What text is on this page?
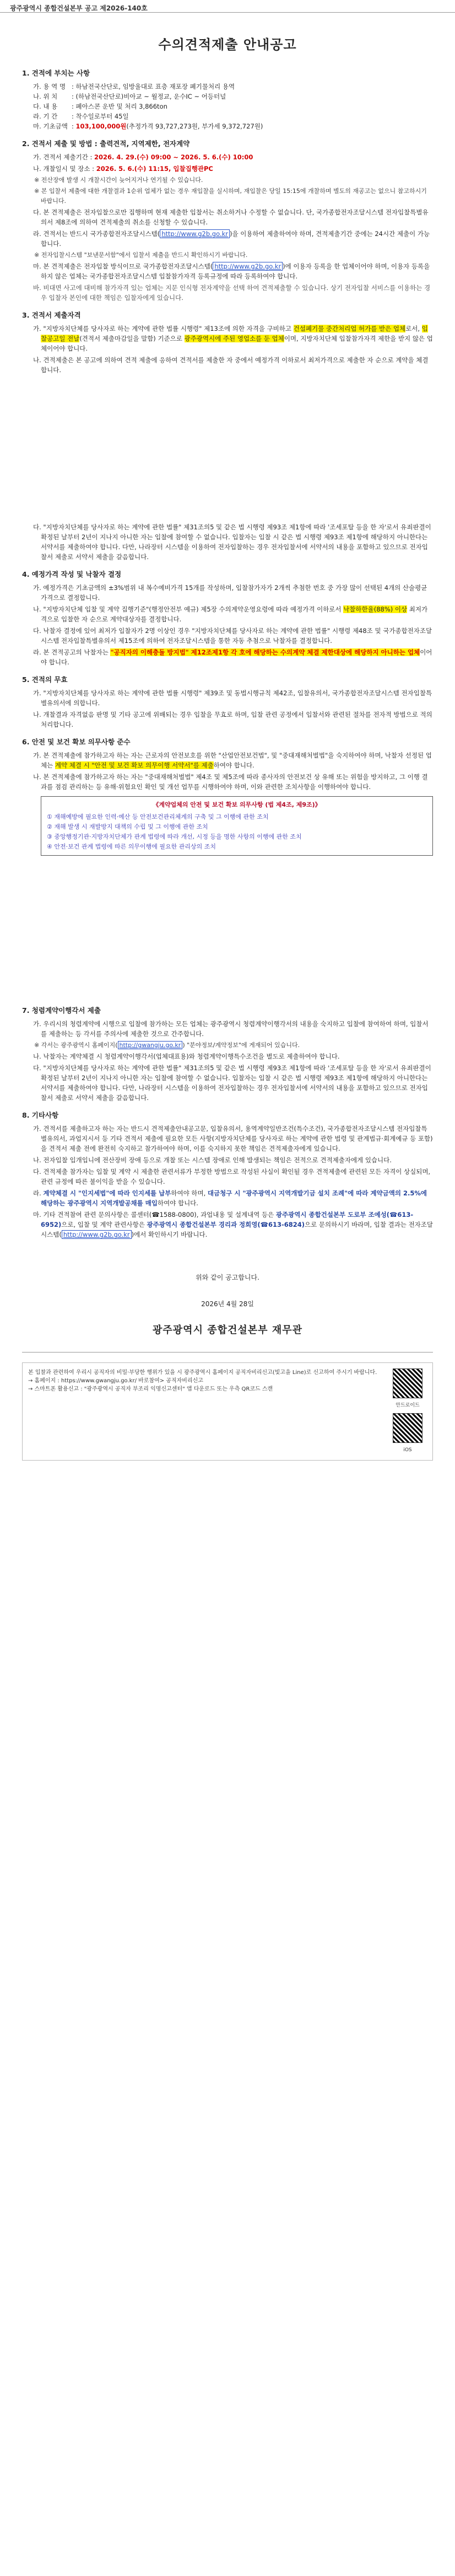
광주광역시 종합건설본부 공고 제2026-140호
수의견적제출 안내공고
1. 견적에 부치는 사항
가. 용 역 명 : 하남전국산단로, 임방울대로 표층 재포장 폐기물처리 용역
나. 위 치	: (하남전국산단로)비아교 ~ 월정교, 운수IC ~ 어등터널
다. 내 용	: 폐아스콘 운반 및 처리 3,866ton
라. 기 간	: 착수일로부터 45일
마. 기초금액 : 103,100,000원(추정가격 93,727,273원, 부가세 9,372,727원)
2. 견적서 제출 및 방법 : 출력견적, 지역제한, 전자계약
가. 견적서 제출기간 : 2026. 4. 29.(수) 09:00 ~ 2026. 5. 6.(수) 10:00
나. 개찰일시 및 장소 : 2026. 5. 6.(수) 11:15, 입찰집행관PC
※ 전산장애 발생 시 개찰시간이 늦어지거나 연기될 수 있습니다.
※ 본 입찰서 제출에 대한 개찰결과 1순위 업체가 없는 경우 재입찰을 실시하며, 재입찰은 당일 15:15에 개찰하며 별도의 재공고는 없으니 참고하시기 바랍니다.
다. 본 견적제출은 전자입찰으로만 집행하며 현재 제출한 입찰서는 취소하거나 수정할 수 없습니다. 단, 국가종합전자조달시스템 전자입찰특별유의서 제8조에 의하여 견적제출의 취소를 신청할 수 있습니다.
라. 견적서는 반드시 국가종합전자조달시스템( http://www.g2b.go.kr )을 이용하여 제출하여야 하며, 견적제출기간 중에는 24시간 제출이 가능합니다.
※ 전자입찰시스템 "보낸문서함"에서 입찰서 제출을 반드시 확인하시기 바랍니다.
마. 본 견적제출은 전자입찰 방식이므로 국가종합전자조달시스템( http://www.g2b.go.kr )에 이용자 등록을 한 업체이어야 하며, 이용자 등록을 하지 않은 업체는 국가종합전자조달시스템 입찰참가자격 등록규정에 따라 등록하여야 합니다.
바. 비대면 사고에 대비해 참가자격 있는 업체는 지문 인식형 전자계약을 선택 하여 견적제출할 수 있습니다. 상기 전자입찰 서비스를 이용하는 경우 입찰자 본인에 대한 책임은 입찰자에게 있습니다.
3. 견적서 제출자격
가. "지방자치단체를 당사자로 하는 계약에 관한 법률 시행령" 제13조에 의한 자격을 구비하고 건설폐기물 중간처리업 허가를 받은 업체로서, 입찰공고일 전날(견적서 제출마감일을 말함) 기준으로 광주광역시에 주된 영업소를 둔 업체이며, 지방자치단체 입찰참가자격 제한을 받지 않은 업체이어야 합니다.
나. 견적제출은 본 공고에 의하여 견적 제출에 응하여 견적서를 제출한 자 중에서 예정가격 이하로서 최저가격으로 제출한 자 순으로 계약을 체결합니다.
다. "지방자치단체를 당사자로 하는 계약에 관한 법률" 제31조의5 및 같은 법 시행령 제93조 제1항에 따라 '조세포탈 등을 한 자'로서 유죄판결이 확정된 날부터 2년이 지나지 아니한 자는 입찰에 참여할 수 없습니다. 입찰자는 입찰 시 같은 법 시행령 제93조 제1항에 해당하지 아니한다는 서약서를 제출하여야 합니다. 다만, 나라장터 시스템을 이용하여 전자입찰하는 경우 전자입찰서에 서약서의 내용을 포함하고 있으므로 전자입찰서 제출로 서약서 제출을 갈음합니다.
4. 예정가격 작성 및 낙찰자 결정
가. 예정가격은 기초금액의 ±3%범위 내 복수예비가격 15개를 작성하며, 입찰참가자가 2개씩 추첨한 번호 중 가장 많이 선택된 4개의 산술평균 가격으로 결정합니다.
나. "지방자치단체 입찰 및 계약 집행기준"(행정안전부 예규) 제5장 수의계약운영요령에 따라 예정가격 이하로서 낙찰하한율(88%) 이상 최저가격으로 입찰한 자 순으로 계약대상자를 결정합니다.
다. 낙찰자 결정에 있어 최저가 입찰자가 2명 이상인 경우 "지방자치단체를 당사자로 하는 계약에 관한 법률" 시행령 제48조 및 국가종합전자조달시스템 전자입찰특별유의서 제15조에 의하여 전자조달시스템을 통한 자동 추첨으로 낙찰자를 결정합니다.
라. 본 견적공고의 낙찰자는 "공직자의 이해충돌 방지법" 제12조제1항 각 호에 해당하는 수의계약 체결 제한대상에 해당하지 아니하는 업체이어야 합니다.
5. 견적의 무효
가. "지방자치단체를 당사자로 하는 계약에 관한 법률 시행령" 제39조 및 동법시행규칙 제42조, 입찰유의서, 국가종합전자조달시스템 전자입찰특별유의서에 의합니다.
나. 개찰결과 자격없음 판명 및 기타 공고에 위배되는 경우 입찰을 무효로 하며, 입찰 관련 공정에서 입찰서와 관련된 절차를 전자적 방법으로 적의 처리합니다.
6. 안전 및 보건 확보 의무사항 준수
가. 본 견적제출에 참가하고자 하는 자는 근로자의 안전보호를 위한 "산업안전보건법", 및 "중대재해처벌법"을 숙지하여야 하며, 낙찰자 선정된 업체는 계약 체결 시 "안전 및 보건 확보 의무이행 서약서"를 제출하여야 합니다.
나. 본 견적제출에 참가하고자 하는 자는 "중대재해처벌법" 제4조 및 제5조에 따라 종사자의 안전보건 상 유해 또는 위험을 방지하고, 그 이행 결과를 점검 관리하는 등 유해·위험요인 확인 및 개선 업무를 시행하여야 하며, 이와 관련한 조치사항을 이행하여야 합니다.
《계약업체의 안전 및 보건 확보 의무사항 (법 제4조, 제9조)》
① 재해예방에 필요한 인력·예산 등 안전보건관리체계의 구축 및 그 이행에 관한 조치
② 재해 발생 시 재발방지 대책의 수립 및 그 이행에 관한 조치
③ 중앙행정기관·지방자치단체가 관계 법령에 따라 개선, 시정 등을 명한 사항의 이행에 관한 조치
④ 안전·보건 관계 법령에 따른 의무이행에 필요한 관리상의 조치
7. 청렴계약이행각서 제출
가. 우리시의 청렴계약에 시행으로 입찰에 참가하는 모든 업체는 광주광역시 청렴계약이행각서의 내용을 숙지하고 입찰에 참여하여 하며, 입찰서를 제출하는 등 각서를 주의사에 제출한 것으로 간주합니다.
※ 각서는 광주광역시 홈페이지( http://gwangju.go.kr ) "분야정보/계약정보"에 게재되어 있습니다.
나. 낙찰자는 계약체결 시 청렴계약이행각서(업체대표용)와 청렴계약이행특수조건을 별도로 제출하여야 합니다.
다. "지방자치단체를 당사자로 하는 계약에 관한 법률" 제31조의5 및 같은 법 시행령 제93조 제1항에 따라 '조세포탈 등을 한 자'로서 유죄판결이 확정된 날부터 2년이 지나지 아니한 자는 입찰에 참여할 수 없습니다. 입찰자는 입찰 시 같은 법 시행령 제93조 제1항에 해당하지 아니한다는 서약서를 제출하여야 합니다. 다만, 나라장터 시스템을 이용하여 전자입찰하는 경우 전자입찰서에 서약서의 내용을 포함하고 있으므로 전자입찰서 제출로 서약서 제출을 갈음합니다.
8. 기타사항
가. 견적서를 제출하고자 하는 자는 반드시 견적제출안내공고문, 입찰유의서, 용역계약일반조건(특수조건), 국가종합전자조달시스템 전자입찰특별유의서, 과업지시서 등 기타 견적서 제출에 필요한 모든 사항(지방자치단체를 당사자로 하는 계약에 관한 법령 및 관계법규·회계예규 등 포함)을 견적서 제출 전에 완전히 숙지하고 참가하여야 하며, 이를 숙지하지 못한 책임은 견적제출자에게 있습니다.
나. 전자입찰 입개입니에 전산장비 장애 등으로 개찰 또는 시스템 장애로 인해 발생되는 책임은 전적으로 견적제출자에게 있습니다.
다. 견적제출 참가자는 입찰 및 계약 시 제출한 관련서류가 부정한 방법으로 작성된 사실이 확인될 경우 견적제출에 관련된 모든 자격이 상실되며, 관련 규정에 따른 불이익을 받을 수 있습니다.
라. 계약체결 시 "인지세법"에 따라 인지세를 납부하여야 하며, 대금청구 시 "광주광역시 지역개발기금 설치 조례"에 따라 계약금액의 2.5%에 해당하는 광주광역시 지역개발공채를 매입하여야 합니다.
마. 기타 견적참여 관련 문의사항은 콜센터(☎1588-0800), 과업내용 및 설계내역 등은 광주광역시 종합건설본부 도로부 조예성(☎613-6952)으로, 입찰 및 계약 관련사항은 광주광역시 종합건설본부 경리과 정희영(☎613-6824)으로 문의하시기 바라며, 입찰 결과는 전자조달시스템( http://www.g2b.go.kr )에서 확인하시기 바랍니다.
위와 같이 공고합니다.
2026년 4월 28일
광주광역시 종합건설본부 재무관
본 입찰과 관련하여 우리시 공직자의 비밀·부당한 행위가 있을 시 광주광역시 홈페이지 공직자비리신고(빛고을 Line)로 신고하여 주시기 바랍니다.
→ 홈페이지 : https://www.gwangju.go.kr/ 바로참여> 공직자비리신고
→ 스마트폰 활용신고 : "광주광역시 공직자 부조리 익명신고센터" 앱 다운로드 또는 우측 QR코드 스캔
안드로이드
iOS
